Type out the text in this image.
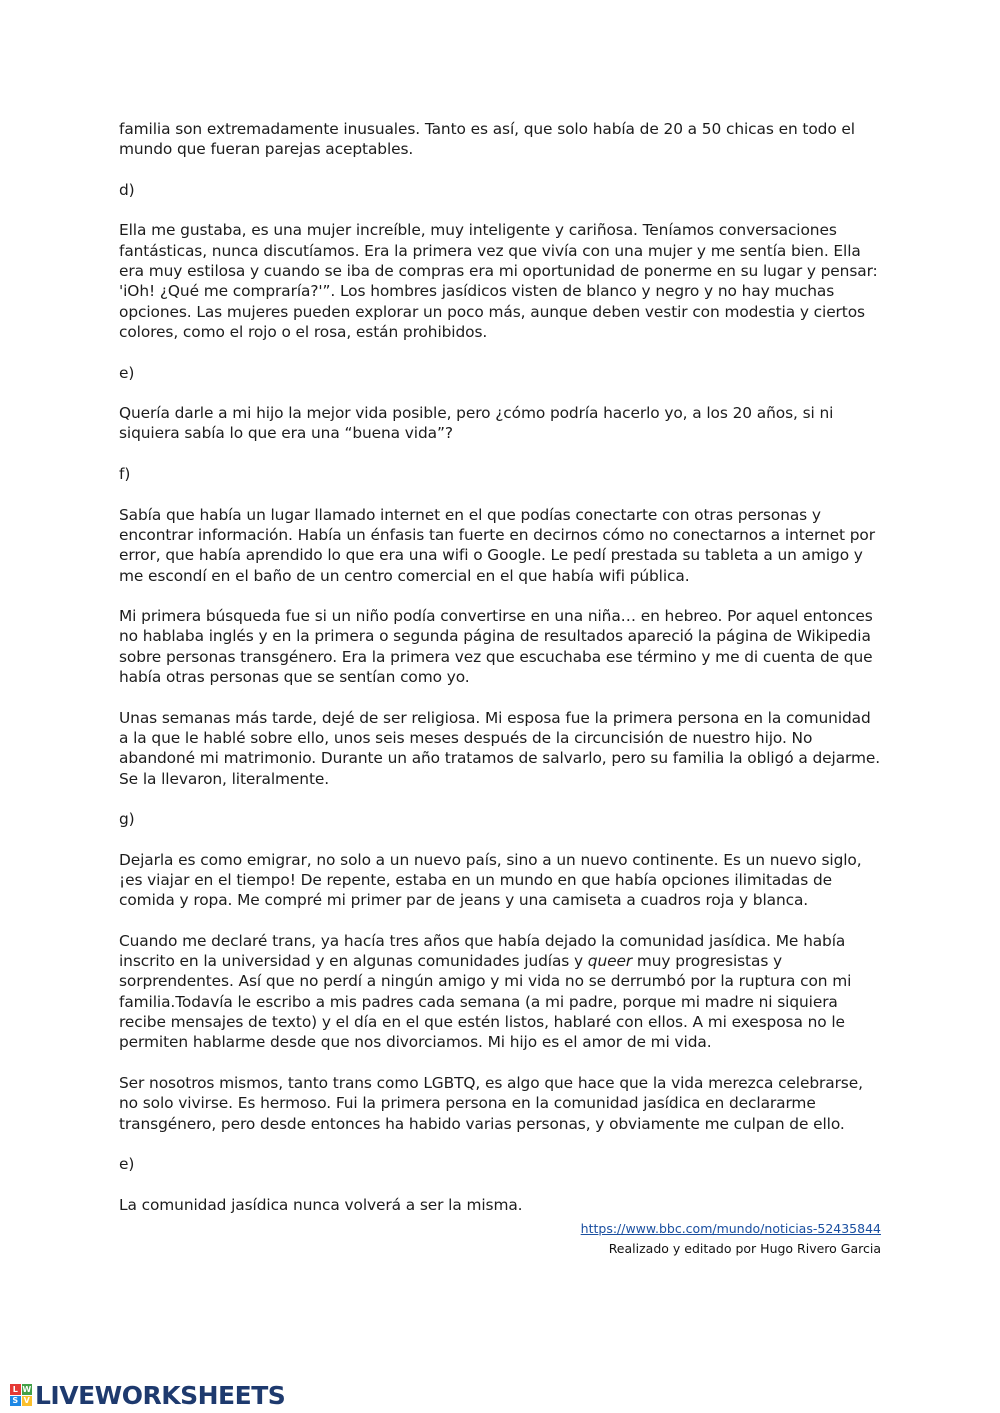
familia son extremadamente inusuales. Tanto es así, que solo había de 20 a 50 chicas en todo el mundo que fueran parejas aceptables.

d)

Ella me gustaba, es una mujer increíble, muy inteligente y cariñosa. Teníamos conversaciones fantásticas, nunca discutíamos. Era la primera vez que vivía con una mujer y me sentía bien. Ella era muy estilosa y cuando se iba de compras era mi oportunidad de ponerme en su lugar y pensar: 'iOh! ¿Qué me compraría?'”. Los hombres jasídicos visten de blanco y negro y no hay muchas opciones. Las mujeres pueden explorar un poco más, aunque deben vestir con modestia y ciertos colores, como el rojo o el rosa, están prohibidos.

e)

Quería darle a mi hijo la mejor vida posible, pero ¿cómo podría hacerlo yo, a los 20 años, si ni siquiera sabía lo que era una “buena vida”?

f)

Sabía que había un lugar llamado internet en el que podías conectarte con otras personas y encontrar información. Había un énfasis tan fuerte en decirnos cómo no conectarnos a internet por error, que había aprendido lo que era una wifi o Google. Le pedí prestada su tableta a un amigo y me escondí en el baño de un centro comercial en el que había wifi pública.

Mi primera búsqueda fue si un niño podía convertirse en una niña… en hebreo. Por aquel entonces no hablaba inglés y en la primera o segunda página de resultados apareció la página de Wikipedia sobre personas transgénero. Era la primera vez que escuchaba ese término y me di cuenta de que había otras personas que se sentían como yo.

Unas semanas más tarde, dejé de ser religiosa. Mi esposa fue la primera persona en la comunidad a la que le hablé sobre ello, unos seis meses después de la circuncisión de nuestro hijo. No abandoné mi matrimonio. Durante un año tratamos de salvarlo, pero su familia la obligó a dejarme. Se la llevaron, literalmente.

g)

Dejarla es como emigrar, no solo a un nuevo país, sino a un nuevo continente. Es un nuevo siglo, ¡es viajar en el tiempo! De repente, estaba en un mundo en que había opciones ilimitadas de comida y ropa. Me compré mi primer par de jeans y una camiseta a cuadros roja y blanca.

Cuando me declaré trans, ya hacía tres años que había dejado la comunidad jasídica. Me había inscrito en la universidad y en algunas comunidades judías y queer muy progresistas y sorprendentes. Así que no perdí a ningún amigo y mi vida no se derrumbó por la ruptura con mi familia.Todavía le escribo a mis padres cada semana (a mi padre, porque mi madre ni siquiera recibe mensajes de texto) y el día en el que estén listos, hablaré con ellos. A mi exesposa no le permiten hablarme desde que nos divorciamos. Mi hijo es el amor de mi vida.

Ser nosotros mismos, tanto trans como LGBTQ, es algo que hace que la vida merezca celebrarse, no solo vivirse. Es hermoso. Fui la primera persona en la comunidad jasídica en declararme transgénero, pero desde entonces ha habido varias personas, y obviamente me culpan de ello.

e)

La comunidad jasídica nunca volverá a ser la misma.

https://www.bbc.com/mundo/noticias-52435844
Realizado y editado por Hugo Rivero Garcia
L W
S V LIVEWORKSHEETS
